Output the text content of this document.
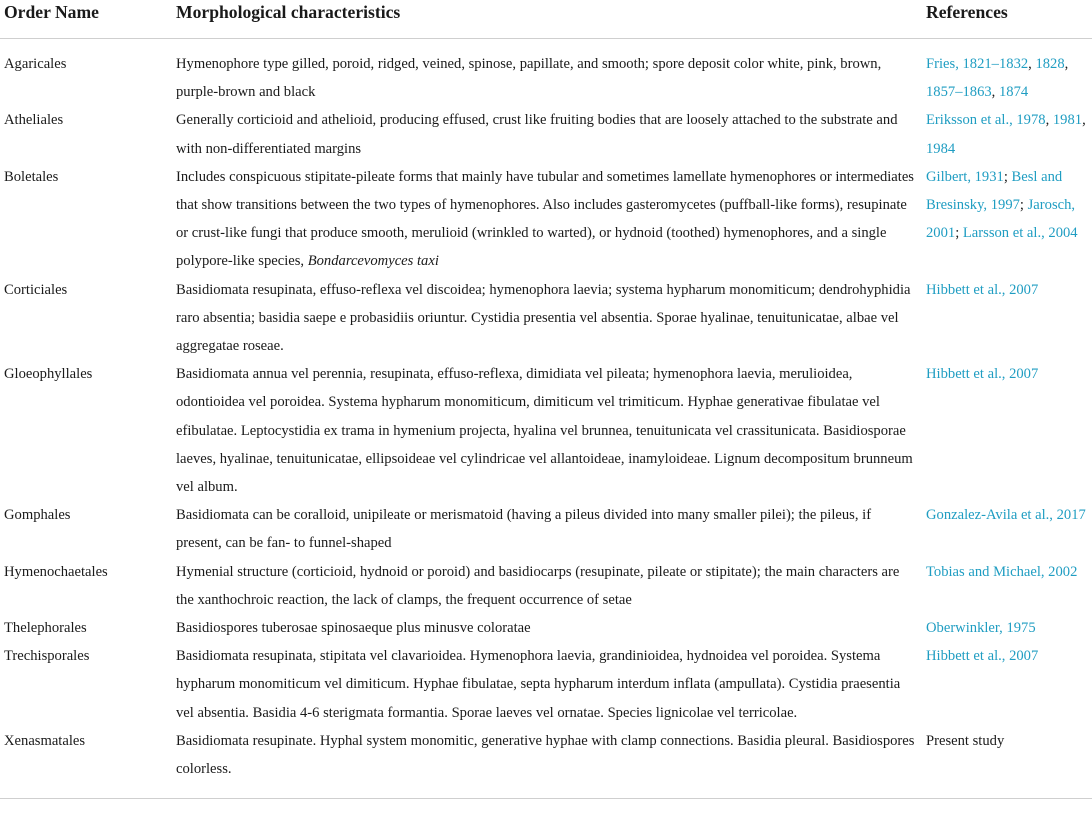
Order Name	Morphological characteristics	References
Agaricales	Hymenophore type gilled, poroid, ridged, veined, spinose, papillate, and smooth; spore deposit color white, pink, brown, purple-brown and black	Fries, 1821–1832, 1828, 1857–1863, 1874
Atheliales	Generally corticioid and athelioid, producing effused, crust like fruiting bodies that are loosely attached to the substrate and with non-differentiated margins	Eriksson et al., 1978, 1981, 1984
Boletales	Includes conspicuous stipitate-pileate forms that mainly have tubular and sometimes lamellate hymenophores or intermediates that show transitions between the two types of hymenophores. Also includes gasteromycetes (puffball-like forms), resupinate or crust-like fungi that produce smooth, merulioid (wrinkled to warted), or hydnoid (toothed) hymenophores, and a single polypore-like species, Bondarcevomyces taxi	Gilbert, 1931; Besl and Bresinsky, 1997; Jarosch, 2001; Larsson et al., 2004
Corticiales	Basidiomata resupinata, effuso-reflexa vel discoidea; hymenophora laevia; systema hypharum monomiticum; dendrohyphidia raro absentia; basidia saepe e probasidiis oriuntur. Cystidia presentia vel absentia. Sporae hyalinae, tenuitunicatae, albae vel aggregatae roseae.	Hibbett et al., 2007
Gloeophyllales	Basidiomata annua vel perennia, resupinata, effuso-reflexa, dimidiata vel pileata; hymenophora laevia, merulioidea, odontioidea vel poroidea. Systema hypharum monomiticum, dimiticum vel trimiticum. Hyphae generativae fibulatae vel efibulatae. Leptocystidia ex trama in hymenium projecta, hyalina vel brunnea, tenuitunicata vel crassitunicata. Basidiosporae laeves, hyalinae, tenuitunicatae, ellipsoideae vel cylindricae vel allantoideae, inamyloideae. Lignum decompositum brunneum vel album.	Hibbett et al., 2007
Gomphales	Basidiomata can be coralloid, unipileate or merismatoid (having a pileus divided into many smaller pilei); the pileus, if present, can be fan- to funnel-shaped	Gonzalez-Avila et al., 2017
Hymenochaetales	Hymenial structure (corticioid, hydnoid or poroid) and basidiocarps (resupinate, pileate or stipitate); the main characters are the xanthochroic reaction, the lack of clamps, the frequent occurrence of setae	Tobias and Michael, 2002
Thelephorales	Basidiospores tuberosae spinosaeque plus minusve coloratae	Oberwinkler, 1975
Trechisporales	Basidiomata resupinata, stipitata vel clavarioidea. Hymenophora laevia, grandinioidea, hydnoidea vel poroidea. Systema hypharum monomiticum vel dimiticum. Hyphae fibulatae, septa hypharum interdum inflata (ampullata). Cystidia praesentia vel absentia. Basidia 4-6 sterigmata formantia. Sporae laeves vel ornatae. Species lignicolae vel terricolae.	Hibbett et al., 2007
Xenasmatales	Basidiomata resupinate. Hyphal system monomitic, generative hyphae with clamp connections. Basidia pleural. Basidiospores colorless.	Present study
